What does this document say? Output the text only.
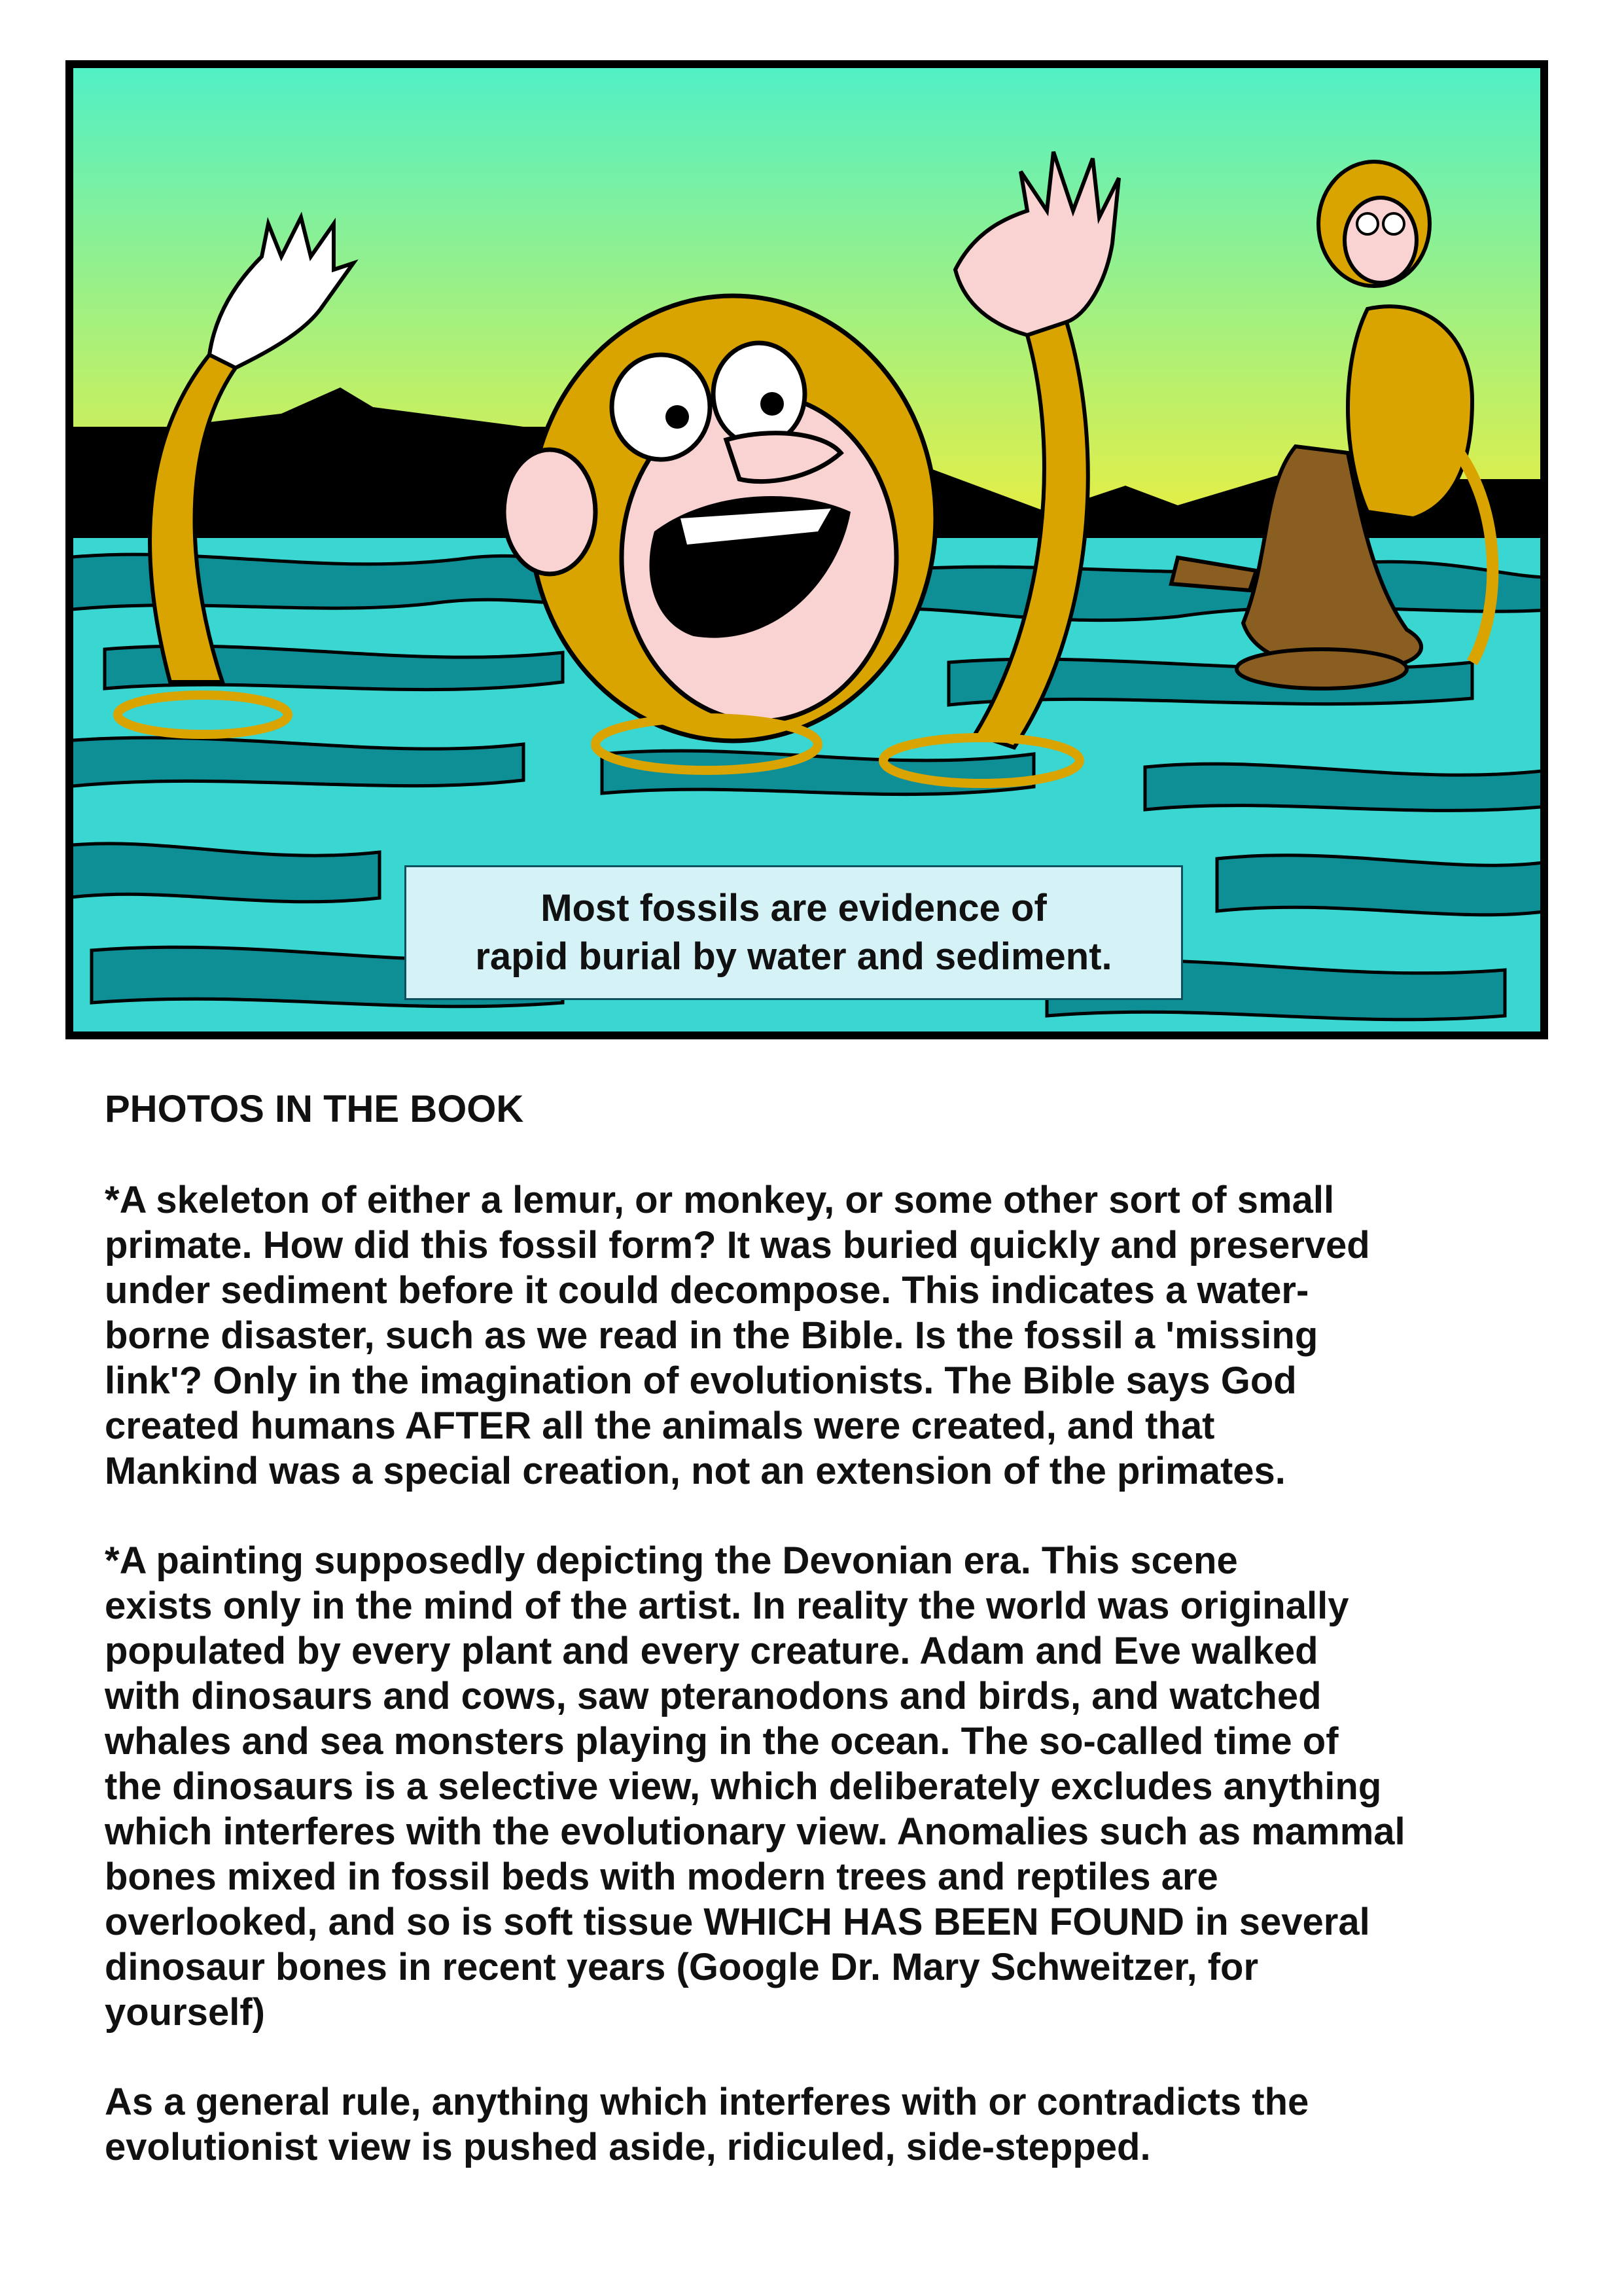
Most fossils are evidence of
rapid burial by water and sediment.
PHOTOS IN THE BOOK

*A skeleton of either a lemur, or monkey, or some other sort of small
primate. How did this fossil form? It was buried quickly and preserved
under sediment before it could decompose. This indicates a water-
borne disaster, such as we read in the Bible. Is the fossil a 'missing
link'? Only in the imagination of evolutionists. The Bible says God
created humans AFTER all the animals were created, and that
Mankind was a special creation, not an extension of the primates.

*A painting supposedly depicting the Devonian era. This scene
exists only in the mind of the artist. In reality the world was originally
populated by every plant and every creature. Adam and Eve walked
with dinosaurs and cows, saw pteranodons and birds, and watched
whales and sea monsters playing in the ocean. The so-called time of
the dinosaurs is a selective view, which deliberately excludes anything
which interferes with the evolutionary view. Anomalies such as mammal
bones mixed in fossil beds with modern trees and reptiles are
overlooked, and so is soft tissue WHICH HAS BEEN FOUND in several
dinosaur bones in recent years (Google Dr. Mary Schweitzer, for
yourself)

As a general rule, anything which interferes with or contradicts the
evolutionist view is pushed aside, ridiculed, side-stepped.
